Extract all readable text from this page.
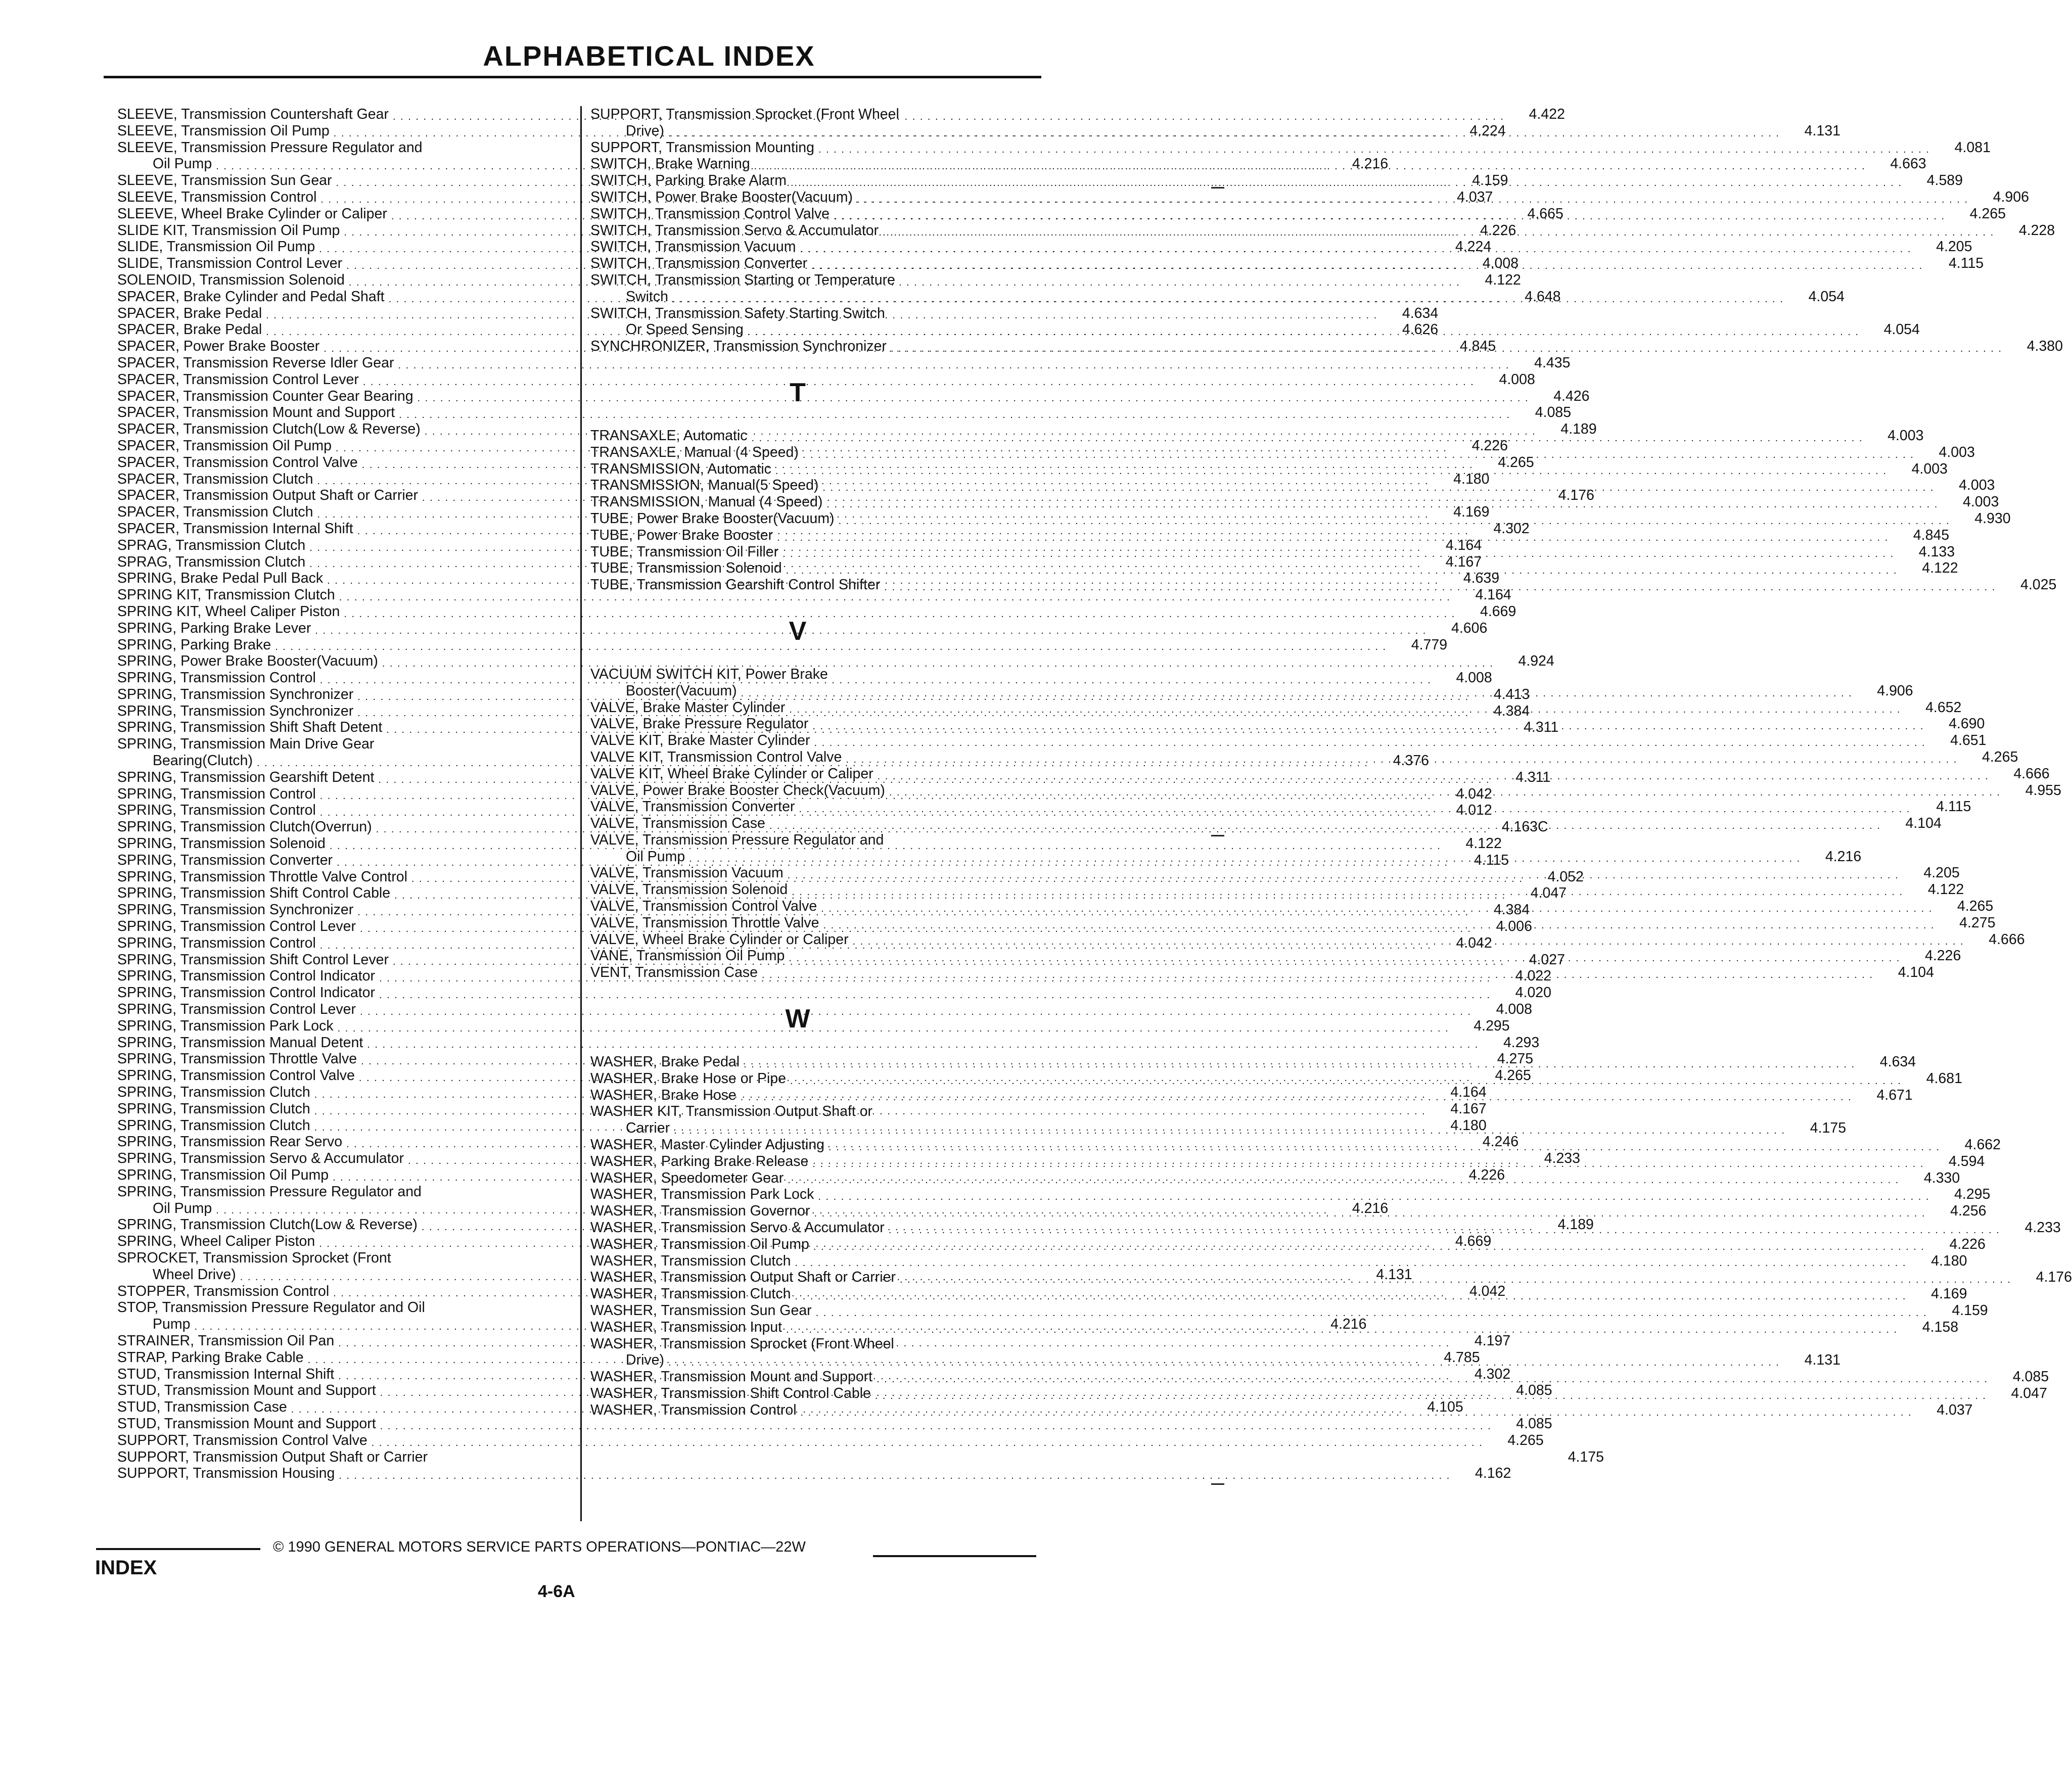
ALPHABETICAL INDEX
SLEEVE, Transmission Countershaft Gear . . .	4.422
SLEEVE, Transmission Oil Pump . . .	4.224
SLEEVE, Transmission Pressure Regulator and
Oil Pump . . .	4.216
SLEEVE, Transmission Sun Gear . . .	4.159
SLEEVE, Transmission Control . . .	4.037
SLEEVE, Wheel Brake Cylinder or Caliper . . .	4.665
SLIDE KIT, Transmission Oil Pump . . .	4.226
SLIDE, Transmission Oil Pump . . .	4.224
SLIDE, Transmission Control Lever . . .	4.008
SOLENOID, Transmission Solenoid . . .	4.122
SPACER, Brake Cylinder and Pedal Shaft . . .	4.648
SPACER, Brake Pedal . . .	4.634
SPACER, Brake Pedal . . .	4.626
SPACER, Power Brake Booster . . .	4.845
SPACER, Transmission Reverse Idler Gear . . .	4.435
SPACER, Transmission Control Lever . . .	4.008
SPACER, Transmission Counter Gear Bearing . . .	4.426
SPACER, Transmission Mount and Support . . .	4.085
SPACER, Transmission Clutch(Low & Reverse) . . .	4.189
SPACER, Transmission Oil Pump . . .	4.226
SPACER, Transmission Control Valve . . .	4.265
SPACER, Transmission Clutch . . .	4.180
SPACER, Transmission Output Shaft or Carrier . . .	4.176
SPACER, Transmission Clutch . . .	4.169
SPACER, Transmission Internal Shift . . .	4.302
SPRAG, Transmission Clutch . . .	4.164
SPRAG, Transmission Clutch . . .	4.167
SPRING, Brake Pedal Pull Back . . .	4.639
SPRING KIT, Transmission Clutch . . .	4.164
SPRING KIT, Wheel Caliper Piston . . .	4.669
SPRING, Parking Brake Lever . . .	4.606
SPRING, Parking Brake . . .	4.779
SPRING, Power Brake Booster(Vacuum) . . .	4.924
SPRING, Transmission Control . . .	4.008
SPRING, Transmission Synchronizer . . .	4.413
SPRING, Transmission Synchronizer . . .	4.384
SPRING, Transmission Shift Shaft Detent . . .	4.311
SPRING, Transmission Main Drive Gear
Bearing(Clutch) . . .	4.376
SPRING, Transmission Gearshift Detent . . .	4.311
SPRING, Transmission Control . . .	4.042
SPRING, Transmission Control . . .	4.012
SPRING, Transmission Clutch(Overrun) . . .	4.163C
SPRING, Transmission Solenoid . . .	4.122
SPRING, Transmission Converter . . .	4.115
SPRING, Transmission Throttle Valve Control . . .	4.052
SPRING, Transmission Shift Control Cable . . .	4.047
SPRING, Transmission Synchronizer . . .	4.384
SPRING, Transmission Control Lever . . .	4.006
SPRING, Transmission Control . . .	4.042
SPRING, Transmission Shift Control Lever . . .	4.027
SPRING, Transmission Control Indicator . . .	4.022
SPRING, Transmission Control Indicator . . .	4.020
SPRING, Transmission Control Lever . . .	4.008
SPRING, Transmission Park Lock . . .	4.295
SPRING, Transmission Manual Detent . . .	4.293
SPRING, Transmission Throttle Valve . . .	4.275
SPRING, Transmission Control Valve . . .	4.265
SPRING, Transmission Clutch . . .	4.164
SPRING, Transmission Clutch . . .	4.167
SPRING, Transmission Clutch . . .	4.180
SPRING, Transmission Rear Servo . . .	4.246
SPRING, Transmission Servo & Accumulator . . .	4.233
SPRING, Transmission Oil Pump . . .	4.226
SPRING, Transmission Pressure Regulator and
Oil Pump . . .	4.216
SPRING, Transmission Clutch(Low & Reverse) . . .	4.189
SPRING, Wheel Caliper Piston . . .	4.669
SPROCKET, Transmission Sprocket (Front
Wheel Drive) . . .	4.131
STOPPER, Transmission Control . . .	4.042
STOP, Transmission Pressure Regulator and Oil
Pump . . .	4.216
STRAINER, Transmission Oil Pan . . .	4.197
STRAP, Parking Brake Cable . . .	4.785
STUD, Transmission Internal Shift . . .	4.302
STUD, Transmission Mount and Support . . .	4.085
STUD, Transmission Case . . .	4.105
STUD, Transmission Mount and Support . . .	4.085
SUPPORT, Transmission Control Valve . . .	4.265
SUPPORT, Transmission Output Shaft or Carrier	4.175
SUPPORT, Transmission Housing . . .	4.162
SUPPORT, Transmission Sprocket (Front Wheel
Drive) . . .	4.131
SUPPORT, Transmission Mounting . . .	4.081
SWITCH, Brake Warning . . .	4.663
SWITCH, Parking Brake Alarm . . .	4.589
SWITCH, Power Brake Booster(Vacuum) . . .	4.906
SWITCH, Transmission Control Valve . . .	4.265
SWITCH, Transmission Servo & Accumulator . . .	4.228
SWITCH, Transmission Vacuum . . .	4.205
SWITCH, Transmission Converter . . .	4.115
SWITCH, Transmission Starting or Temperature
Switch . . .	4.054
SWITCH, Transmission Safety Starting Switch
Or Speed Sensing . . .	4.054
SYNCHRONIZER, Transmission Synchronizer . . .	4.380
T
TRANSAXLE, Automatic . . .	4.003
TRANSAXLE, Manual (4 Speed) . . .	4.003
TRANSMISSION, Automatic . . .	4.003
TRANSMISSION, Manual(5 Speed) . . .	4.003
TRANSMISSION, Manual (4 Speed) . . .	4.003
TUBE, Power Brake Booster(Vacuum) . . .	4.930
TUBE, Power Brake Booster . . .	4.845
TUBE, Transmission Oil Filler . . .	4.133
TUBE, Transmission Solenoid . . .	4.122
TUBE, Transmission Gearshift Control Shifter . . .	4.025
V
VACUUM SWITCH KIT, Power Brake
Booster(Vacuum) . . .	4.906
VALVE, Brake Master Cylinder . . .	4.652
VALVE, Brake Pressure Regulator . . .	4.690
VALVE KIT, Brake Master Cylinder . . .	4.651
VALVE KIT, Transmission Control Valve . . .	4.265
VALVE KIT, Wheel Brake Cylinder or Caliper . . .	4.666
VALVE, Power Brake Booster Check(Vacuum) . . .	4.955
VALVE, Transmission Converter . . .	4.115
VALVE, Transmission Case . . .	4.104
VALVE, Transmission Pressure Regulator and
Oil Pump . . .	4.216
VALVE, Transmission Vacuum . . .	4.205
VALVE, Transmission Solenoid . . .	4.122
VALVE, Transmission Control Valve . . .	4.265
VALVE, Transmission Throttle Valve . . .	4.275
VALVE, Wheel Brake Cylinder or Caliper . . .	4.666
VANE, Transmission Oil Pump . . .	4.226
VENT, Transmission Case . . .	4.104
W
WASHER, Brake Pedal . . .	4.634
WASHER, Brake Hose or Pipe . . .	4.681
WASHER, Brake Hose . . .	4.671
WASHER KIT, Transmission Output Shaft or
Carrier . . .	4.175
WASHER, Master Cylinder Adjusting . . .	4.662
WASHER, Parking Brake Release . . .	4.594
WASHER, Speedometer Gear . . .	4.330
WASHER, Transmission Park Lock . . .	4.295
WASHER, Transmission Governor . . .	4.256
WASHER, Transmission Servo & Accumulator . . .	4.233
WASHER, Transmission Oil Pump . . .	4.226
WASHER, Transmission Clutch . . .	4.180
WASHER, Transmission Output Shaft or Carrier . . .	4.176
WASHER, Transmission Clutch . . .	4.169
WASHER, Transmission Sun Gear . . .	4.159
WASHER, Transmission Input . . .	4.158
WASHER, Transmission Sprocket (Front Wheel
Drive) . . .	4.131
WASHER, Transmission Mount and Support . . .	4.085
WASHER, Transmission Shift Control Cable . . .	4.047
WASHER, Transmission Control . . .	4.037
© 1990 GENERAL MOTORS SERVICE PARTS OPERATIONS—PONTIAC—22W
INDEX
4-6A
